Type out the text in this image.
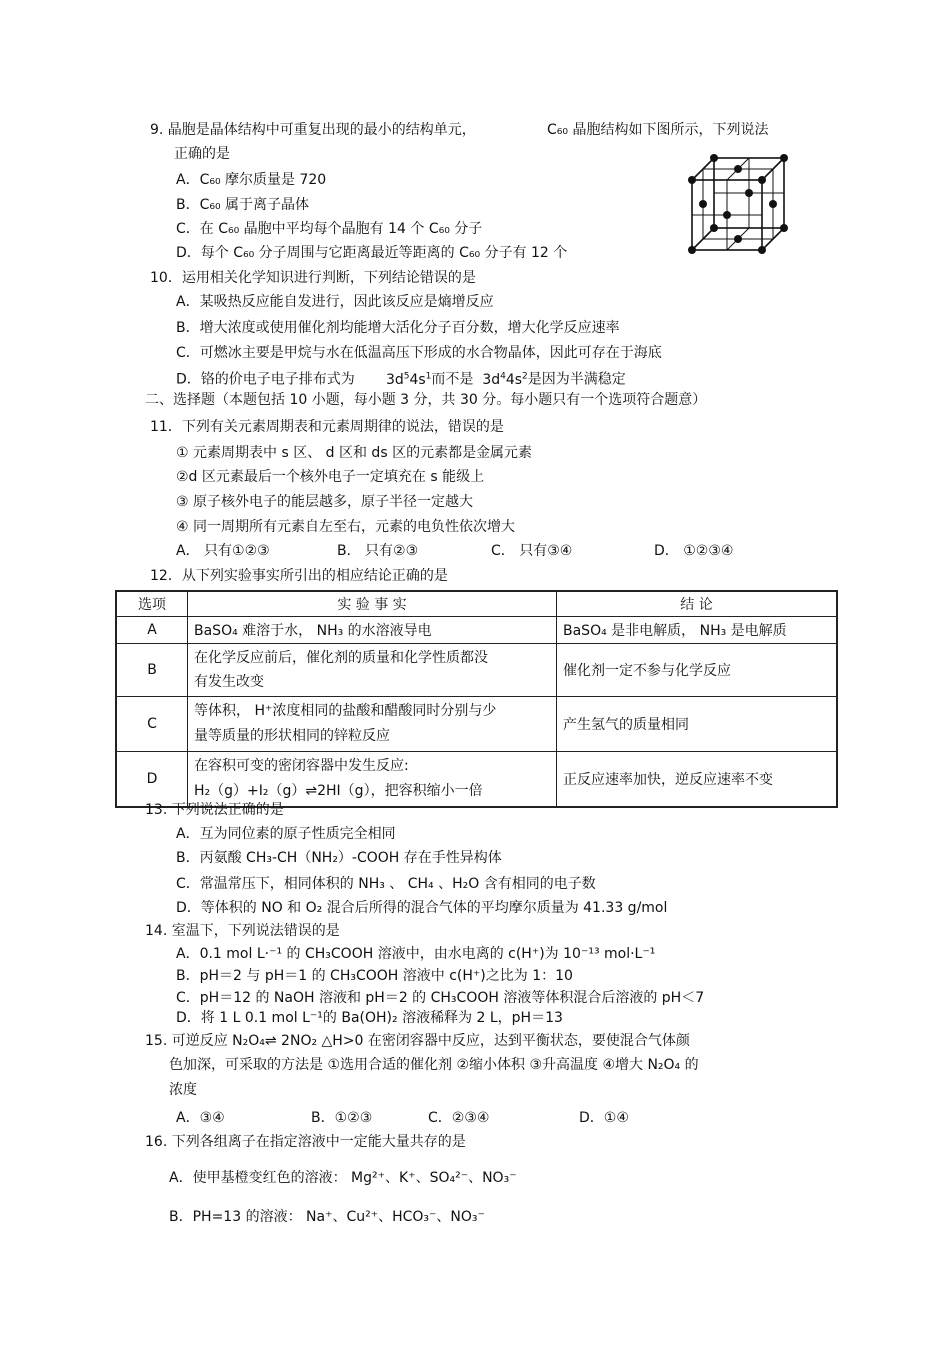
9. 晶胞是晶体结构中可重复出现的最小的结构单元，	C₆₀ 晶胞结构如下图所示，下列说法
正确的是
A．C₆₀ 摩尔质量是 720
B．C₆₀ 属于离子晶体
C．在 C₆₀ 晶胞中平均每个晶胞有 14 个 C₆₀ 分子
D．每个 C₆₀ 分子周围与它距离最近等距离的 C₆₀ 分子有 12 个
10．运用相关化学知识进行判断，下列结论错误的是
A．某吸热反应能自发进行，因此该反应是熵增反应
B．增大浓度或使用催化剂均能增大活化分子百分数，增大化学反应速率
C．可燃冰主要是甲烷与水在低温高压下形成的水合物晶体，因此可存在于海底
D．铬的价电子电子排布式为 $3d^54s^1$而不是 $3d^44s^2$是因为半满稳定
二、选择题（本题包括 10 小题，每小题 3 分，共 30 分。每小题只有一个选项符合题意）
11．下列有关元素周期表和元素周期律的说法，错误的是
① 元素周期表中 s 区、 d 区和 ds 区的元素都是金属元素
②d 区元素最后一个核外电子一定填充在 s 能级上
③ 原子核外电子的能层越多，原子半径一定越大
④ 同一周期所有元素自左至右，元素的电负性依次增大
A． 只有①②③	B． 只有②③	C． 只有③④	D． ①②③④
12．从下列实验事实所引出的相应结论正确的是
选项	实 验 事 实	结 论
A	BaSO₄ 难溶于水， NH₃ 的水溶液导电	BaSO₄ 是非电解质， NH₃ 是电解质
B	在化学反应前后，催化剂的质量和化学性质都没
有发生改变	催化剂一定不参与化学反应
C	等体积， H⁺浓度相同的盐酸和醋酸同时分别与少
量等质量的形状相同的锌粒反应	产生氢气的质量相同
D	在容积可变的密闭容器中发生反应:
H₂（g）+I₂（g）⇌2HI（g），把容积缩小一倍	正反应速率加快，逆反应速率不变
13. 下列说法正确的是
A．互为同位素的原子性质完全相同
B．丙氨酸 CH₃-CH（NH₂）-COOH 存在手性异构体
C．常温常压下，相同体积的 NH₃ 、 CH₄ 、H₂O 含有相同的电子数
D．等体积的 NO 和 O₂ 混合后所得的混合气体的平均摩尔质量为 41.33 g/mol
14. 室温下，下列说法错误的是
A．0.1 mol L·⁻¹ 的 CH₃COOH 溶液中，由水电离的 c(H⁺)为 10⁻¹³ mol·L⁻¹
B．pH＝2 与 pH＝1 的 CH₃COOH 溶液中 c(H⁺)之比为 1：10
C．pH＝12 的 NaOH 溶液和 pH＝2 的 CH₃COOH 溶液等体积混合后溶液的 pH＜7
D．将 1 L 0.1 mol L⁻¹的 Ba(OH)₂ 溶液稀释为 2 L，pH＝13
15. 可逆反应 N₂O₄⇌ 2NO₂ △H>0 在密闭容器中反应，达到平衡状态，要使混合气体颜
色加深，可采取的方法是 ①选用合适的催化剂 ②缩小体积 ③升高温度 ④增大 N₂O₄ 的
浓度
A．③④	B．①②③	C．②③④	D．①④
16. 下列各组离子在指定溶液中一定能大量共存的是
A．使甲基橙变红色的溶液： Mg²⁺、K⁺、SO₄²⁻、NO₃⁻
B．PH=13 的溶液： Na⁺、Cu²⁺、HCO₃⁻、NO₃⁻
